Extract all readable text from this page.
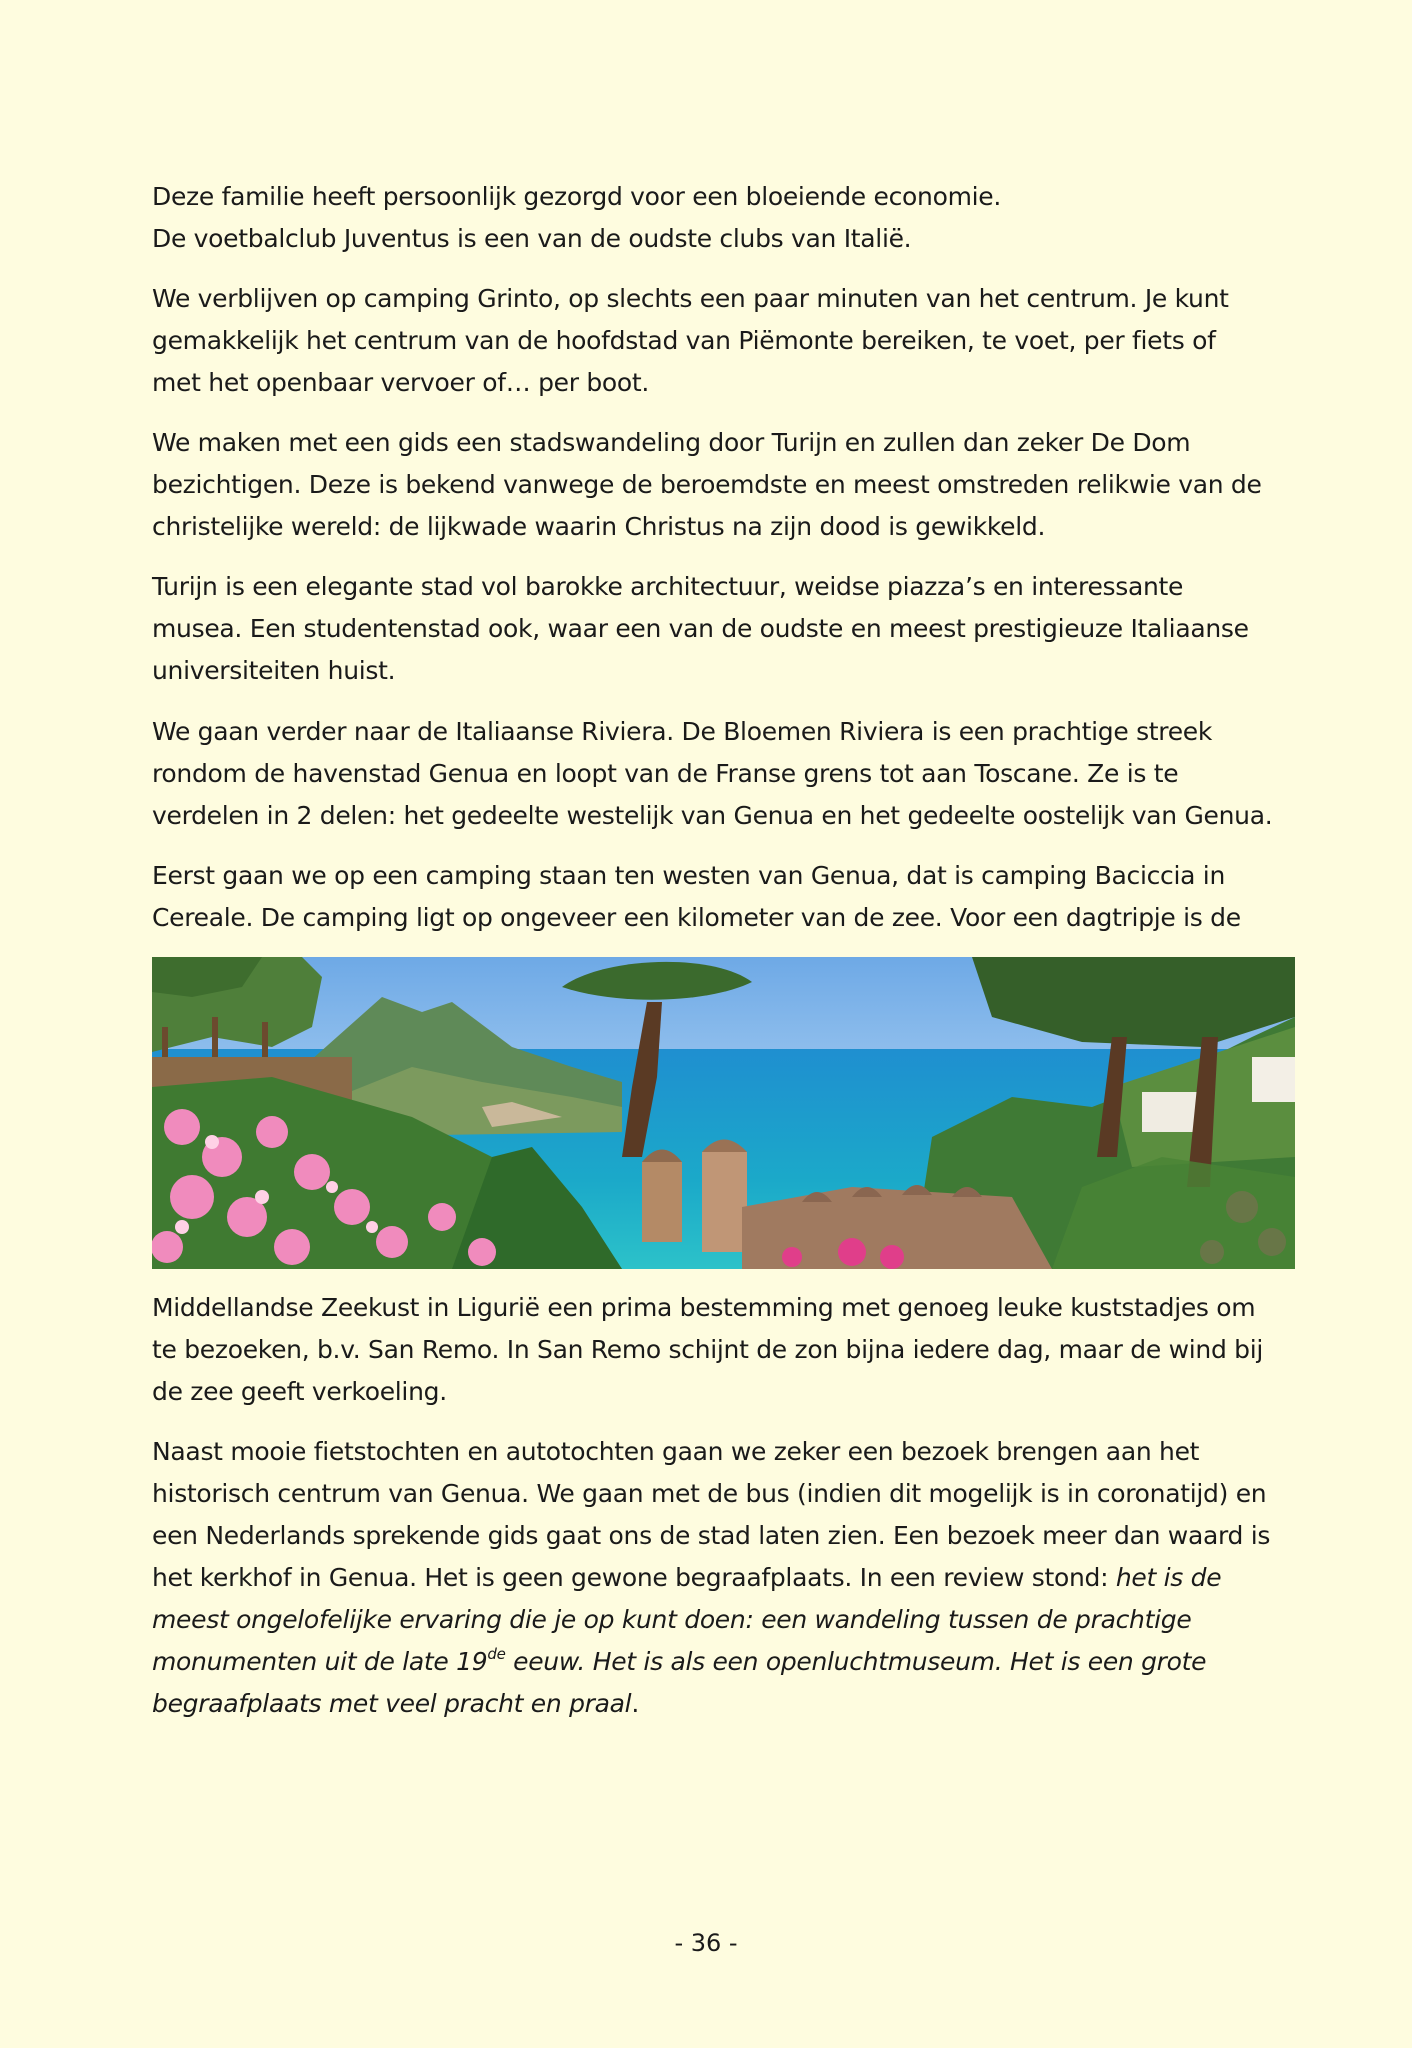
Deze familie heeft persoonlijk gezorgd voor een bloeiende economie.
De voetbalclub Juventus is een van de oudste clubs van Italië.

We verblijven op camping Grinto, op slechts een paar minuten van het centrum. Je kunt
gemakkelijk het centrum van de hoofdstad van Piëmonte bereiken, te voet, per fiets of
met het openbaar vervoer of… per boot.

We maken met een gids een stadswandeling door Turijn en zullen dan zeker De Dom
bezichtigen. Deze is bekend vanwege de beroemdste en meest omstreden relikwie van de
christelijke wereld: de lijkwade waarin Christus na zijn dood is gewikkeld.

Turijn is een elegante stad vol barokke architectuur, weidse piazza’s en interessante
musea. Een studentenstad ook, waar een van de oudste en meest prestigieuze Italiaanse
universiteiten huist.

We gaan verder naar de Italiaanse Riviera. De Bloemen Riviera is een prachtige streek
rondom de havenstad Genua en loopt van de Franse grens tot aan Toscane. Ze is te
verdelen in 2 delen: het gedeelte westelijk van Genua en het gedeelte oostelijk van Genua.

Eerst gaan we op een camping staan ten westen van Genua, dat is camping Baciccia in
Cereale. De camping ligt op ongeveer een kilometer van de zee. Voor een dagtripje is de

Middellandse Zeekust in Ligurië een prima bestemming met genoeg leuke kuststadjes om
te bezoeken, b.v. San Remo. In San Remo schijnt de zon bijna iedere dag, maar de wind bij
de zee geeft verkoeling.

Naast mooie fietstochten en autotochten gaan we zeker een bezoek brengen aan het
historisch centrum van Genua. We gaan met de bus (indien dit mogelijk is in coronatijd) en
een Nederlands sprekende gids gaat ons de stad laten zien. Een bezoek meer dan waard is
het kerkhof in Genua. Het is geen gewone begraafplaats. In een review stond: het is de
meest ongelofelijke ervaring die je op kunt doen: een wandeling tussen de prachtige
monumenten uit de late 19de eeuw. Het is als een openluchtmuseum. Het is een grote
begraafplaats met veel pracht en praal.

- 36 -
